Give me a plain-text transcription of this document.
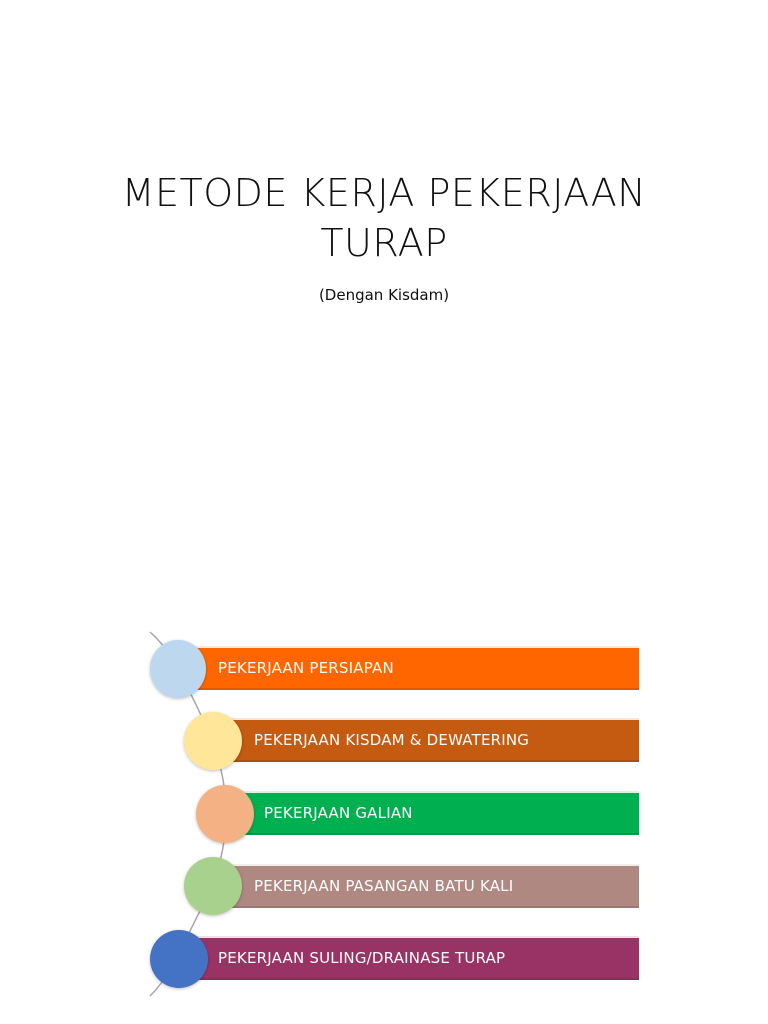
METODE KERJA PEKERJAAN
TURAP
(Dengan Kisdam)
PEKERJAAN PERSIAPAN
PEKERJAAN KISDAM & DEWATERING
PEKERJAAN GALIAN
PEKERJAAN PASANGAN BATU KALI
PEKERJAAN SULING/DRAINASE TURAP
